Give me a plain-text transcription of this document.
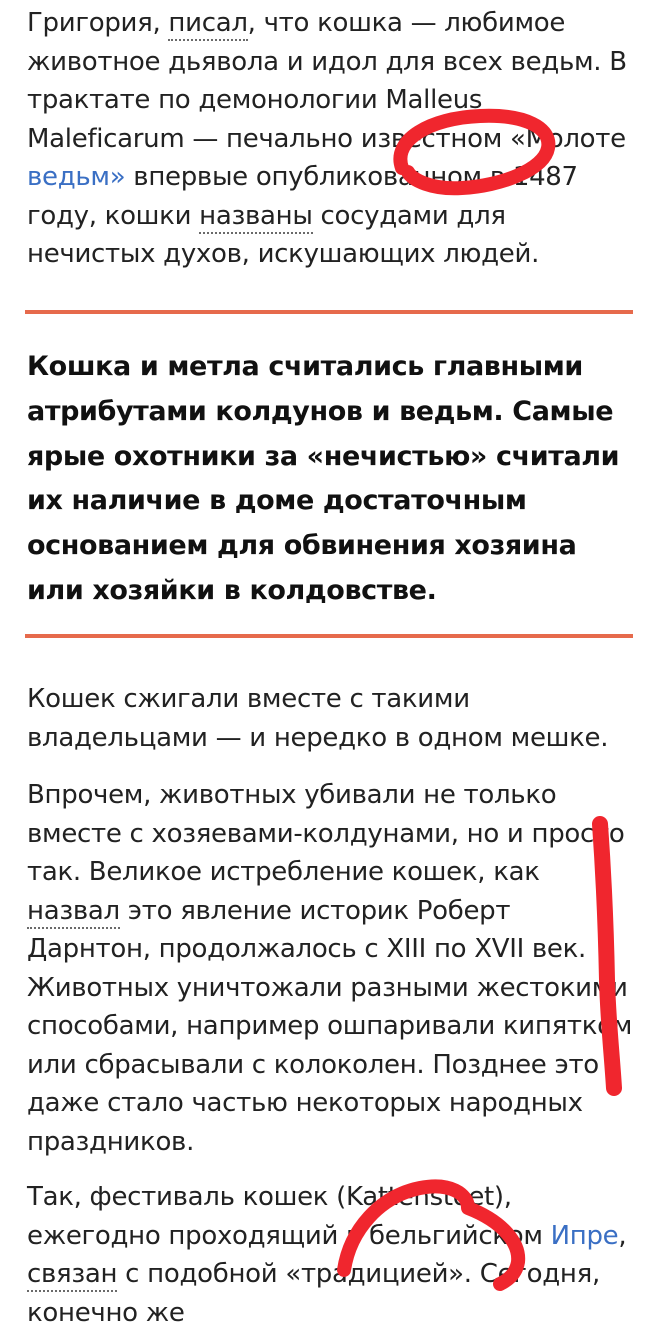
Григория, писал, что кошка — любимое животное дьявола и идол для всех ведьм. В трактате по демонологии Malleus Maleficarum — печально известном «Молоте ведьм» впервые опубликованном в 1487 году, кошки названы сосудами для нечистых духов, искушающих людей.

Кошка и метла считались главными атрибутами колдунов и ведьм. Самые ярые охотники за «нечистью» считали их наличие в доме достаточным основанием для обвинения хозяина или хозяйки в колдовстве.

Кошек сжигали вместе с такими владельцами — и нередко в одном мешке.

Впрочем, животных убивали не только вместе с хозяевами-колдунами, но и просто так. Великое истребление кошек, как назвал это явление историк Роберт Дарнтон, продолжалось с XIII по XVII век. Животных уничтожали разными жестокими способами, например ошпаривали кипятком или сбрасывали с колоколен. Позднее это даже стало частью некоторых народных праздников.

Так, фестиваль кошек (Kattenstoet), ежегодно проходящий в бельгийском Ипре, связан с подобной «традицией». Сегодня, конечно же
